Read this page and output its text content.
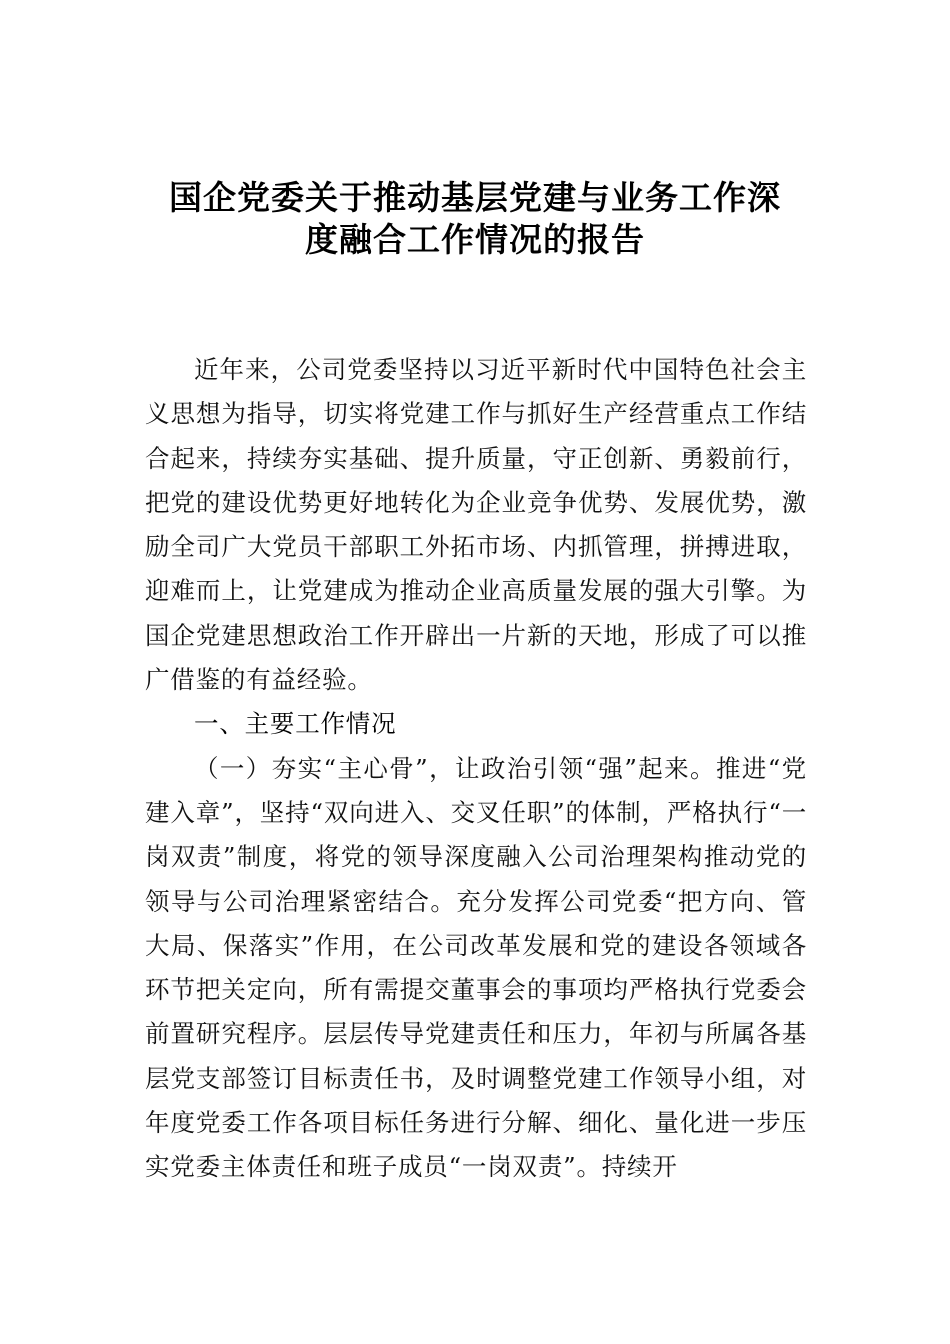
国企党委关于推动基层党建与业务工作深
度融合工作情况的报告

近年来，公司党委坚持以习近平新时代中国特色社会主义思想为指导，切实将党建工作与抓好生产经营重点工作结合起来，持续夯实基础、提升质量，守正创新、勇毅前行，把党的建设优势更好地转化为企业竞争优势、发展优势，激励全司广大党员干部职工外拓市场、内抓管理，拼搏进取，迎难而上，让党建成为推动企业高质量发展的强大引擎。为国企党建思想政治工作开辟出一片新的天地，形成了可以推广借鉴的有益经验。

一、主要工作情况

（一）夯实“主心骨”，让政治引领“强”起来。推进“党建入章”，坚持“双向进入、交叉任职”的体制，严格执行“一岗双责”制度，将党的领导深度融入公司治理架构推动党的领导与公司治理紧密结合。充分发挥公司党委“把方向、管大局、保落实”作用，在公司改革发展和党的建设各领域各环节把关定向，所有需提交董事会的事项均严格执行党委会前置研究程序。层层传导党建责任和压力，年初与所属各基层党支部签订目标责任书，及时调整党建工作领导小组，对年度党委工作各项目标任务进行分解、细化、量化进一步压实党委主体责任和班子成员“一岗双责”。持续开
